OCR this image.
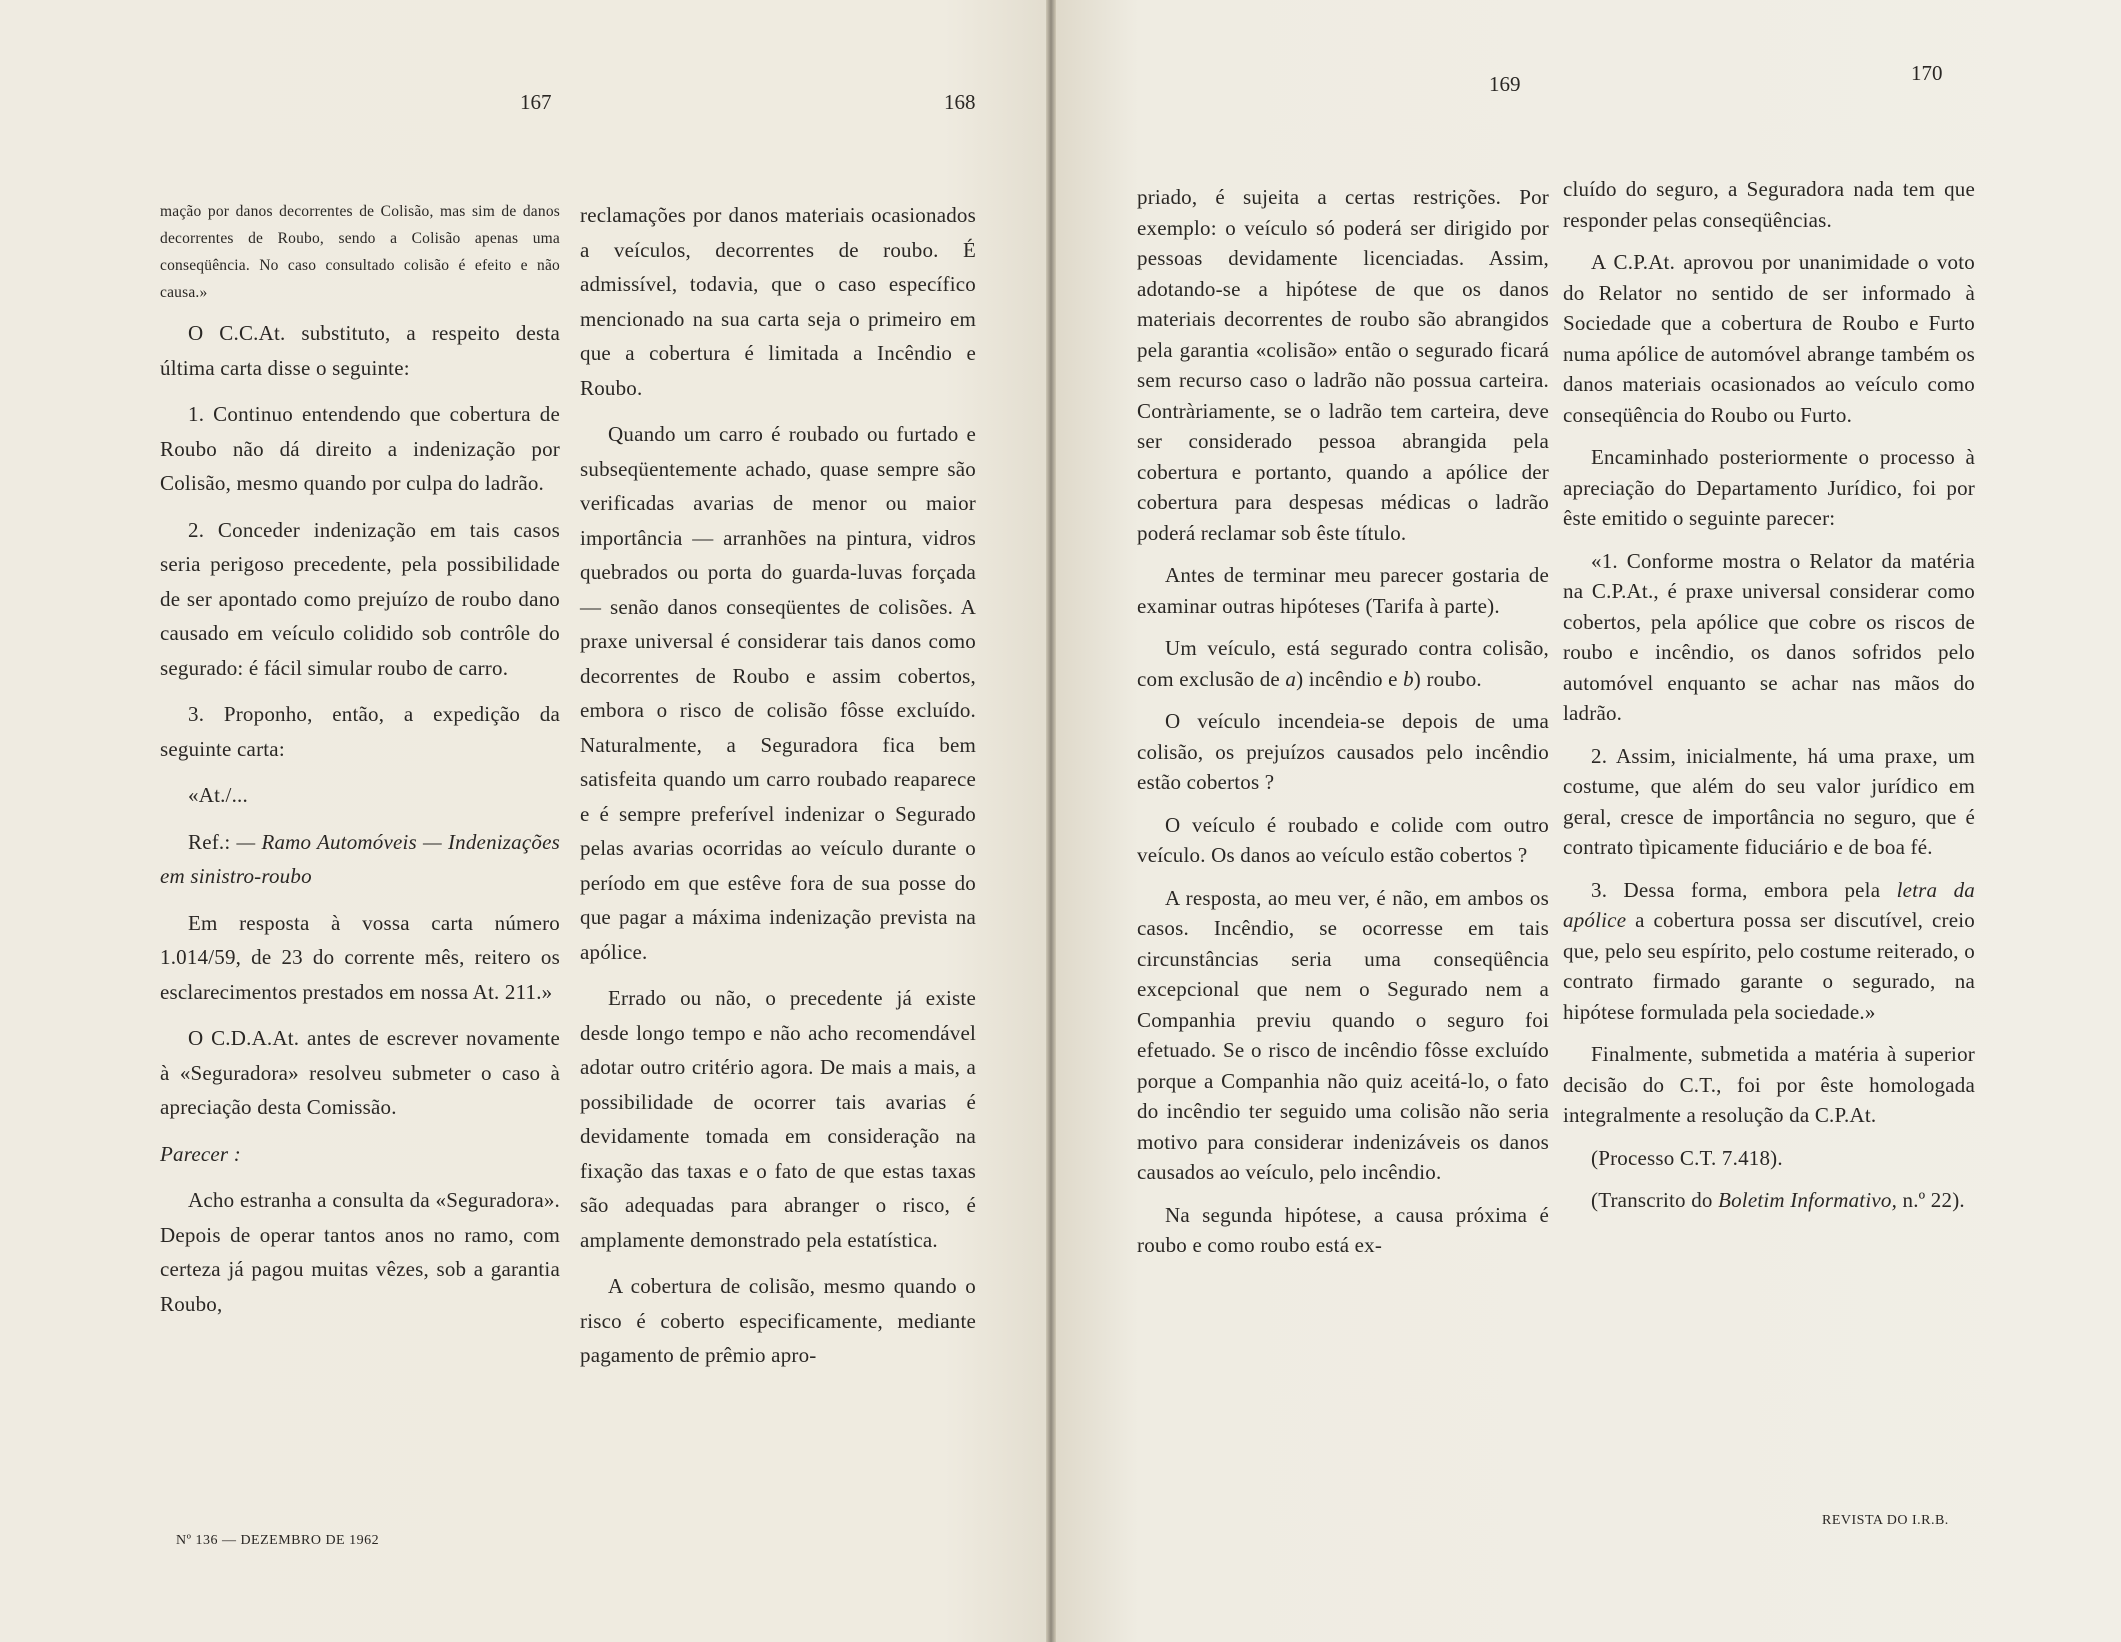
167	168
169	170

mação por danos decorrentes de Colisão, mas sim de danos decorrentes de Roubo, sendo a Colisão apenas uma conseqüência. No caso consultado colisão é efeito e não causa.»

O C.C.At. substituto, a respeito desta última carta disse o seguinte:

1. Continuo entendendo que cobertura de Roubo não dá direito a indenização por Colisão, mesmo quando por culpa do ladrão.

2. Conceder indenização em tais casos seria perigoso precedente, pela possibilidade de ser apontado como prejuízo de roubo dano causado em veículo colidido sob contrôle do segurado: é fácil simular roubo de carro.

3. Proponho, então, a expedição da seguinte carta:

«At./...

Ref.: — Ramo Automóveis — Indenizações em sinistro-roubo

Em resposta à vossa carta número 1.014/59, de 23 do corrente mês, reitero os esclarecimentos prestados em nossa At. 211.»

O C.D.A.At. antes de escrever novamente à «Seguradora» resolveu submeter o caso à apreciação desta Comissão.

Parecer :

Acho estranha a consulta da «Seguradora». Depois de operar tantos anos no ramo, com certeza já pagou muitas vêzes, sob a garantia Roubo,

reclamações por danos materiais ocasionados a veículos, decorrentes de roubo. É admissível, todavia, que o caso específico mencionado na sua carta seja o primeiro em que a cobertura é limitada a Incêndio e Roubo.

Quando um carro é roubado ou furtado e subseqüentemente achado, quase sempre são verificadas avarias de menor ou maior importância — arranhões na pintura, vidros quebrados ou porta do guarda-luvas forçada — senão danos conseqüentes de colisões. A praxe universal é considerar tais danos como decorrentes de Roubo e assim cobertos, embora o risco de colisão fôsse excluído. Naturalmente, a Seguradora fica bem satisfeita quando um carro roubado reaparece e é sempre preferível indenizar o Segurado pelas avarias ocorridas ao veículo durante o período em que estêve fora de sua posse do que pagar a máxima indenização prevista na apólice.

Errado ou não, o precedente já existe desde longo tempo e não acho recomendável adotar outro critério agora. De mais a mais, a possibilidade de ocorrer tais avarias é devidamente tomada em consideração na fixação das taxas e o fato de que estas taxas são adequadas para abranger o risco, é amplamente demonstrado pela estatística.

A cobertura de colisão, mesmo quando o risco é coberto especificamente, mediante pagamento de prêmio apro-

priado, é sujeita a certas restrições. Por exemplo: o veículo só poderá ser dirigido por pessoas devidamente licenciadas. Assim, adotando-se a hipótese de que os danos materiais decorrentes de roubo são abrangidos pela garantia «colisão» então o segurado ficará sem recurso caso o ladrão não possua carteira. Contràriamente, se o ladrão tem carteira, deve ser considerado pessoa abrangida pela cobertura e portanto, quando a apólice der cobertura para despesas médicas o ladrão poderá reclamar sob êste título.

Antes de terminar meu parecer gostaria de examinar outras hipóteses (Tarifa à parte).

Um veículo, está segurado contra colisão, com exclusão de a) incêndio e b) roubo.

O veículo incendeia-se depois de uma colisão, os prejuízos causados pelo incêndio estão cobertos ?

O veículo é roubado e colide com outro veículo. Os danos ao veículo estão cobertos ?

A resposta, ao meu ver, é não, em ambos os casos. Incêndio, se ocorresse em tais circunstâncias seria uma conseqüência excepcional que nem o Segurado nem a Companhia previu quando o seguro foi efetuado. Se o risco de incêndio fôsse excluído porque a Companhia não quiz aceitá-lo, o fato do incêndio ter seguido uma colisão não seria motivo para considerar indenizáveis os danos causados ao veículo, pelo incêndio.

Na segunda hipótese, a causa próxima é roubo e como roubo está ex-

cluído do seguro, a Seguradora nada tem que responder pelas conseqüências.

A C.P.At. aprovou por unanimidade o voto do Relator no sentido de ser informado à Sociedade que a cobertura de Roubo e Furto numa apólice de automóvel abrange também os danos materiais ocasionados ao veículo como conseqüência do Roubo ou Furto.

Encaminhado posteriormente o processo à apreciação do Departamento Jurídico, foi por êste emitido o seguinte parecer:

«1. Conforme mostra o Relator da matéria na C.P.At., é praxe universal considerar como cobertos, pela apólice que cobre os riscos de roubo e incêndio, os danos sofridos pelo automóvel enquanto se achar nas mãos do ladrão.

2. Assim, inicialmente, há uma praxe, um costume, que além do seu valor jurídico em geral, cresce de importância no seguro, que é contrato tìpicamente fiduciário e de boa fé.

3. Dessa forma, embora pela letra da apólice a cobertura possa ser discutível, creio que, pelo seu espírito, pelo costume reiterado, o contrato firmado garante o segurado, na hipótese formulada pela sociedade.»

Finalmente, submetida a matéria à superior decisão do C.T., foi por êste homologada integralmente a resolução da C.P.At.

(Processo C.T. 7.418).

(Transcrito do Boletim Informativo, n.º 22).

Nº 136 — DEZEMBRO DE 1962
REVISTA DO I.R.B.
